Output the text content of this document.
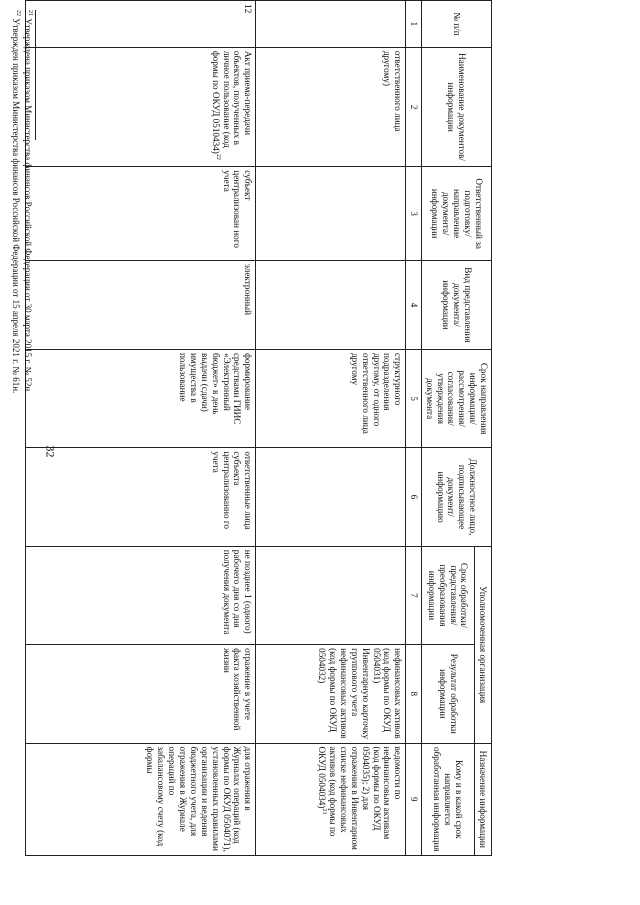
32
№ п/п	Наименование документов/ информации	Ответственный за подготовку/ направление документа/ информации	Вид представления документа/ информации	Срок направления информации/ рассмотрения/ согласования/ утверждения документа	Должностное лицо, подписывающее документ/ информацию	Уполномоченная организация		Назначение информации
						Срок обработки/ представления/ преобразования информации	Результат обработки информации	Кому и в какой срок направляется обработанная информация
1	2	3	4	5	6	7	8	9
	ответственного лица другому)			структурного подразделения другому, от одного ответственного лица другому			нефинансовых активов (код формы по ОКУД 0504031) Инвентарную карточку группового учета нефинансовых активов (код формы по ОКУД 0504032)	ведомости по нефинансовым активам (код формы по ОКУД 0504035); 2) для отражения в Инвентарном списке нефинансовых активов (код формы по ОКУД 0504034)$^{21}$
12	Акт приема-передачи объектов, полученных в личное пользование (код формы по ОКУД 0510434)$^{22}$	субъект централизован ного учета	электронный	формирование средствами ГИИС «Электронный бюджет» в день выдачи (сдачи) имущества в пользование	ответственные лица субъекта централизованно го учета	не позднее 1 (одного) рабочего дня со дня получения документа	отражение в учете факта хозяйственной жизни	для отражения в Журналах операций (код формы по ОКУД 0504071), установленных правилами организации и ведения бюджетного учета, для отражения в Журнале операций по забалансовому счету (код формы
$^{21}$ Утверждена приказом Министерства финансов Российской Федерации от 30 марта 2015 г. № 52н.
$^{22}$ Утвержден приказом Министерства финансов Российской Федерации от 15 апреля 2021 г. № 61н.
